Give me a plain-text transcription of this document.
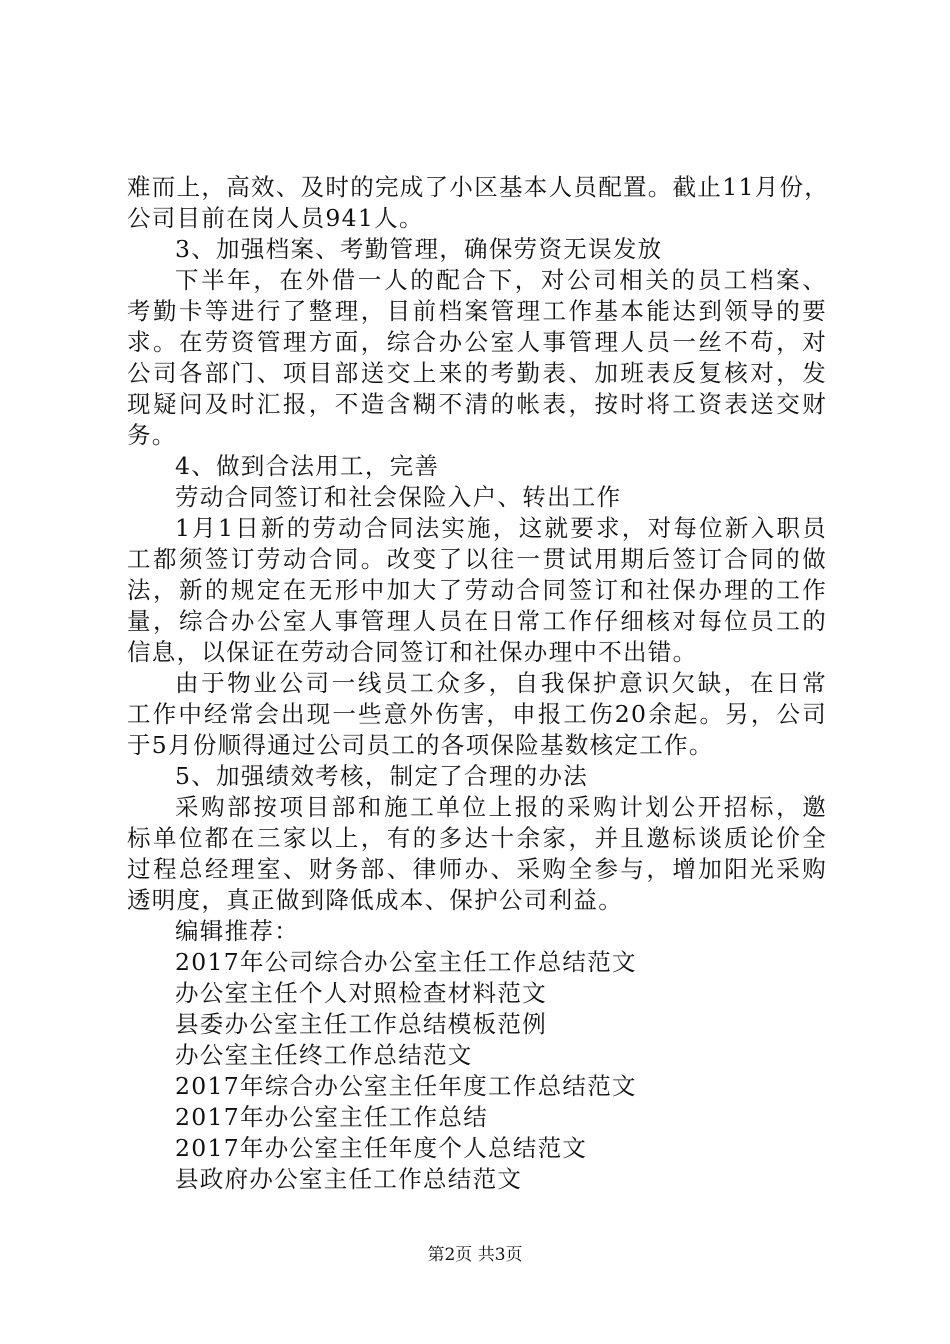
难而上，高效、及时的完成了小区基本人员配置。截止11月份，
公司目前在岗人员941人。
3、加强档案、考勤管理，确保劳资无误发放
下半年，在外借一人的配合下，对公司相关的员工档案、
考勤卡等进行了整理，目前档案管理工作基本能达到领导的要
求。在劳资管理方面，综合办公室人事管理人员一丝不苟，对
公司各部门、项目部送交上来的考勤表、加班表反复核对，发
现疑问及时汇报，不造含糊不清的帐表，按时将工资表送交财
务。
4、做到合法用工，完善
劳动合同签订和社会保险入户、转出工作
1月1日新的劳动合同法实施，这就要求，对每位新入职员
工都须签订劳动合同。改变了以往一贯试用期后签订合同的做
法，新的规定在无形中加大了劳动合同签订和社保办理的工作
量，综合办公室人事管理人员在日常工作仔细核对每位员工的
信息，以保证在劳动合同签订和社保办理中不出错。
由于物业公司一线员工众多，自我保护意识欠缺，在日常
工作中经常会出现一些意外伤害，申报工伤20余起。另，公司
于5月份顺得通过公司员工的各项保险基数核定工作。
5、加强绩效考核，制定了合理的办法
采购部按项目部和施工单位上报的采购计划公开招标，邀
标单位都在三家以上，有的多达十余家，并且邀标谈质论价全
过程总经理室、财务部、律师办、采购全参与，增加阳光采购
透明度，真正做到降低成本、保护公司利益。
编辑推荐：
2017年公司综合办公室主任工作总结范文
办公室主任个人对照检查材料范文
县委办公室主任工作总结模板范例
办公室主任终工作总结范文
2017年综合办公室主任年度工作总结范文
2017年办公室主任工作总结
2017年办公室主任年度个人总结范文
县政府办公室主任工作总结范文
第2页 共3页
